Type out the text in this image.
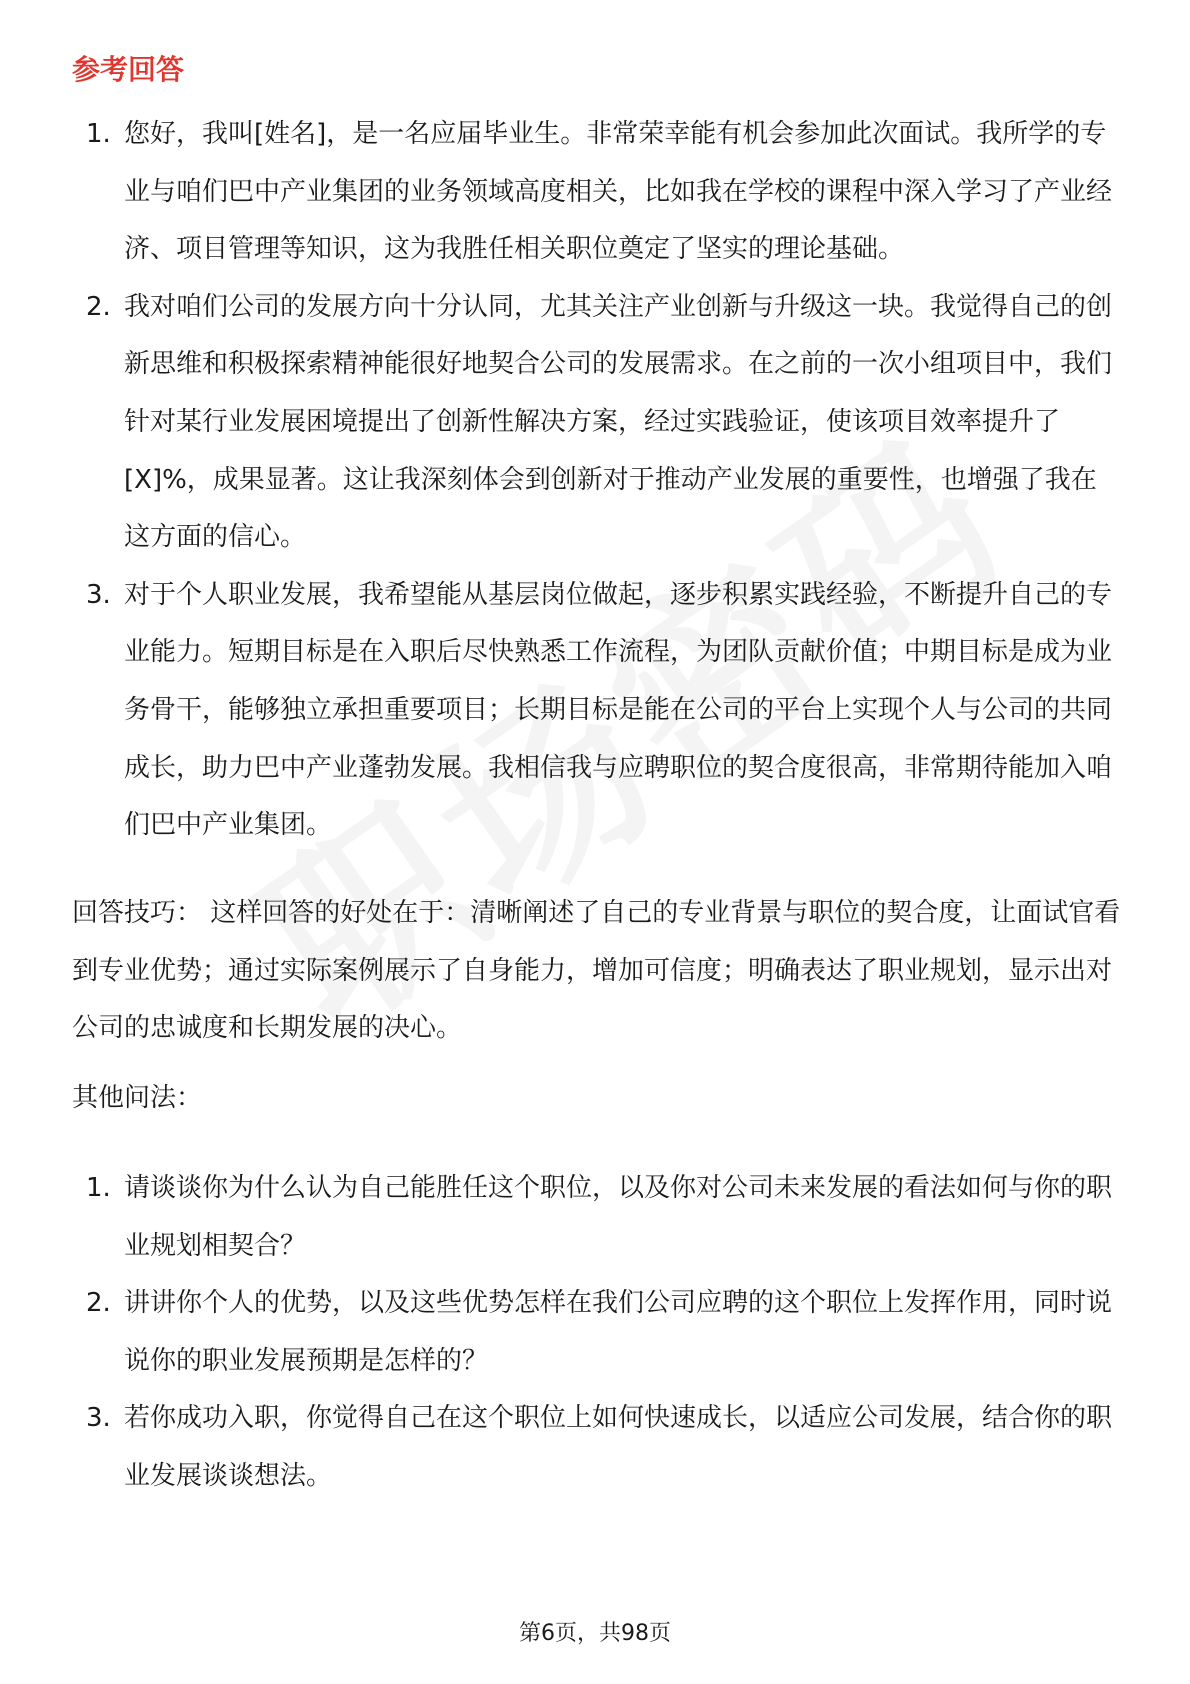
参考回答
1. 您好，我叫[姓名]，是一名应届毕业生。非常荣幸能有机会参加此次面试。我所学的专业与咱们巴中产业集团的业务领域高度相关，比如我在学校的课程中深入学习了产业经济、项目管理等知识，这为我胜任相关职位奠定了坚实的理论基础。
2. 我对咱们公司的发展方向十分认同，尤其关注产业创新与升级这一块。我觉得自己的创新思维和积极探索精神能很好地契合公司的发展需求。在之前的一次小组项目中，我们针对某行业发展困境提出了创新性解决方案，经过实践验证，使该项目效率提升了[X]%，成果显著。这让我深刻体会到创新对于推动产业发展的重要性，也增强了我在这方面的信心。
3. 对于个人职业发展，我希望能从基层岗位做起，逐步积累实践经验，不断提升自己的专业能力。短期目标是在入职后尽快熟悉工作流程，为团队贡献价值；中期目标是成为业务骨干，能够独立承担重要项目；长期目标是能在公司的平台上实现个人与公司的共同成长，助力巴中产业蓬勃发展。我相信我与应聘职位的契合度很高，非常期待能加入咱们巴中产业集团。

回答技巧： 这样回答的好处在于：清晰阐述了自己的专业背景与职位的契合度，让面试官看到专业优势；通过实际案例展示了自身能力，增加可信度；明确表达了职业规划，显示出对公司的忠诚度和长期发展的决心。

其他问法：

1. 请谈谈你为什么认为自己能胜任这个职位，以及你对公司未来发展的看法如何与你的职业规划相契合？
2. 讲讲你个人的优势，以及这些优势怎样在我们公司应聘的这个职位上发挥作用，同时说说你的职业发展预期是怎样的？
3. 若你成功入职，你觉得自己在这个职位上如何快速成长，以适应公司发展，结合你的职业发展谈谈想法。
第6页，共98页
